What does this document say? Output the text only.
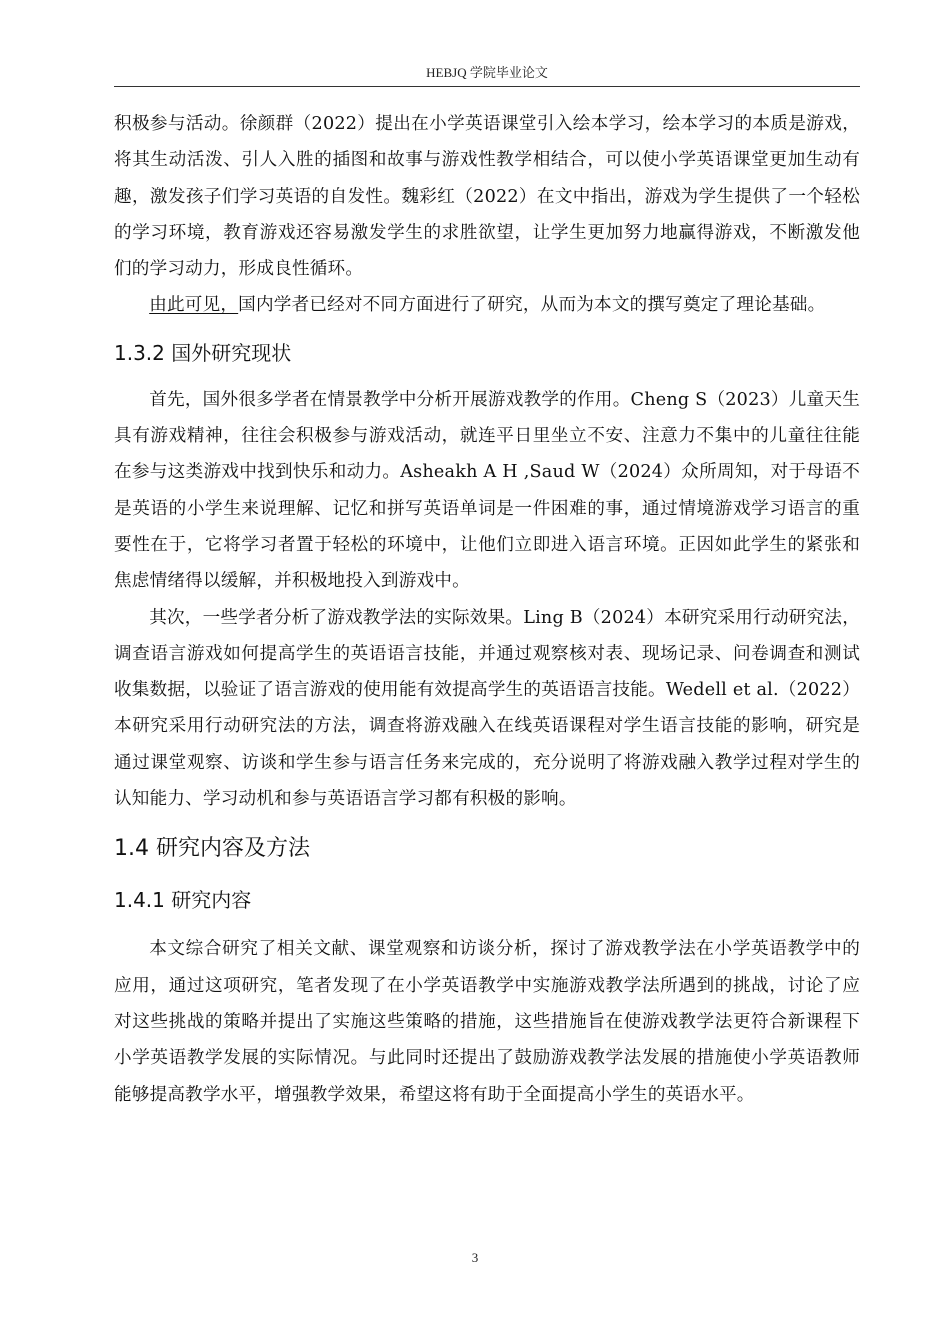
HEBJQ 学院毕业论文

积极参与活动。徐颜群（2022）提出在小学英语课堂引入绘本学习，绘本学习的本质是游戏，将其生动活泼、引人入胜的插图和故事与游戏性教学相结合，可以使小学英语课堂更加生动有趣，激发孩子们学习英语的自发性。魏彩红（2022）在文中指出，游戏为学生提供了一个轻松的学习环境，教育游戏还容易激发学生的求胜欲望，让学生更加努力地赢得游戏，不断激发他们的学习动力，形成良性循环。

由此可见，国内学者已经对不同方面进行了研究，从而为本文的撰写奠定了理论基础。

1.3.2 国外研究现状

首先，国外很多学者在情景教学中分析开展游戏教学的作用。Cheng S（2023）儿童天生具有游戏精神，往往会积极参与游戏活动，就连平日里坐立不安、注意力不集中的儿童往往能在参与这类游戏中找到快乐和动力。Asheakh A H ,Saud W（2024）众所周知，对于母语不是英语的小学生来说理解、记忆和拼写英语单词是一件困难的事，通过情境游戏学习语言的重要性在于，它将学习者置于轻松的环境中，让他们立即进入语言环境。正因如此学生的紧张和焦虑情绪得以缓解，并积极地投入到游戏中。

其次，一些学者分析了游戏教学法的实际效果。Ling B（2024）本研究采用行动研究法，调查语言游戏如何提高学生的英语语言技能，并通过观察核对表、现场记录、问卷调查和测试收集数据，以验证了语言游戏的使用能有效提高学生的英语语言技能。Wedell et al.（2022）本研究采用行动研究法的方法，调查将游戏融入在线英语课程对学生语言技能的影响，研究是通过课堂观察、访谈和学生参与语言任务来完成的，充分说明了将游戏融入教学过程对学生的认知能力、学习动机和参与英语语言学习都有积极的影响。

1.4 研究内容及方法
1.4.1 研究内容

本文综合研究了相关文献、课堂观察和访谈分析，探讨了游戏教学法在小学英语教学中的应用，通过这项研究，笔者发现了在小学英语教学中实施游戏教学法所遇到的挑战，讨论了应对这些挑战的策略并提出了实施这些策略的措施，这些措施旨在使游戏教学法更符合新课程下小学英语教学发展的实际情况。与此同时还提出了鼓励游戏教学法发展的措施使小学英语教师能够提高教学水平，增强教学效果，希望这将有助于全面提高小学生的英语水平。

3
